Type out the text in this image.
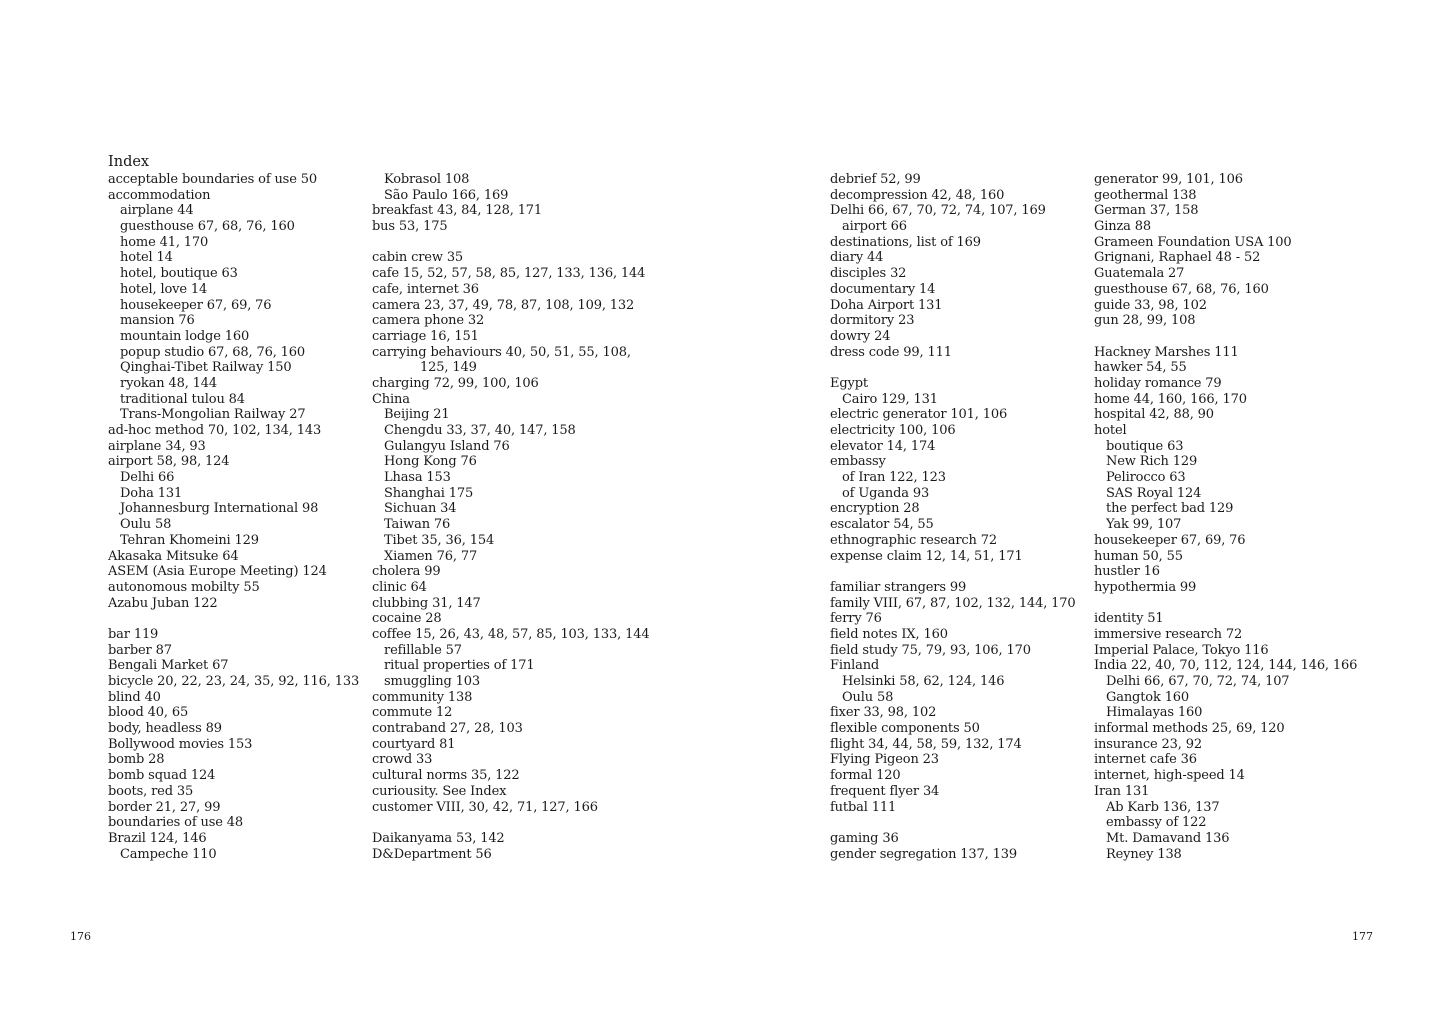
Index
acceptable boundaries of use 50
accommodation
airplane 44
guesthouse 67, 68, 76, 160
home 41, 170
hotel 14
hotel, boutique 63
hotel, love 14
housekeeper 67, 69, 76
mansion 76
mountain lodge 160
popup studio 67, 68, 76, 160
Qinghai-Tibet Railway 150
ryokan 48, 144
traditional tulou 84
Trans-Mongolian Railway 27
ad-hoc method 70, 102, 134, 143
airplane 34, 93
airport 58, 98, 124
Delhi 66
Doha 131
Johannesburg International 98
Oulu 58
Tehran Khomeini 129
Akasaka Mitsuke 64
ASEM (Asia Europe Meeting) 124
autonomous mobilty 55
Azabu Juban 122
bar 119
barber 87
Bengali Market 67
bicycle 20, 22, 23, 24, 35, 92, 116, 133
blind 40
blood 40, 65
body, headless 89
Bollywood movies 153
bomb 28
bomb squad 124
boots, red 35
border 21, 27, 99
boundaries of use 48
Brazil 124, 146
Campeche 110
Kobrasol 108
São Paulo 166, 169
breakfast 43, 84, 128, 171
bus 53, 175
cabin crew 35
cafe 15, 52, 57, 58, 85, 127, 133, 136, 144
cafe, internet 36
camera 23, 37, 49, 78, 87, 108, 109, 132
camera phone 32
carriage 16, 151
carrying behaviours 40, 50, 51, 55, 108,
125, 149
charging 72, 99, 100, 106
China
Beijing 21
Chengdu 33, 37, 40, 147, 158
Gulangyu Island 76
Hong Kong 76
Lhasa 153
Shanghai 175
Sichuan 34
Taiwan 76
Tibet 35, 36, 154
Xiamen 76, 77
cholera 99
clinic 64
clubbing 31, 147
cocaine 28
coffee 15, 26, 43, 48, 57, 85, 103, 133, 144
refillable 57
ritual properties of 171
smuggling 103
community 138
commute 12
contraband 27, 28, 103
courtyard 81
crowd 33
cultural norms 35, 122
curiousity. See Index
customer VIII, 30, 42, 71, 127, 166
Daikanyama 53, 142
D&Department 56
debrief 52, 99
decompression 42, 48, 160
Delhi 66, 67, 70, 72, 74, 107, 169
airport 66
destinations, list of 169
diary 44
disciples 32
documentary 14
Doha Airport 131
dormitory 23
dowry 24
dress code 99, 111
Egypt
Cairo 129, 131
electric generator 101, 106
electricity 100, 106
elevator 14, 174
embassy
of Iran 122, 123
of Uganda 93
encryption 28
escalator 54, 55
ethnographic research 72
expense claim 12, 14, 51, 171
familiar strangers 99
family VIII, 67, 87, 102, 132, 144, 170
ferry 76
field notes IX, 160
field study 75, 79, 93, 106, 170
Finland
Helsinki 58, 62, 124, 146
Oulu 58
fixer 33, 98, 102
flexible components 50
flight 34, 44, 58, 59, 132, 174
Flying Pigeon 23
formal 120
frequent flyer 34
futbal 111
gaming 36
gender segregation 137, 139
generator 99, 101, 106
geothermal 138
German 37, 158
Ginza 88
Grameen Foundation USA 100
Grignani, Raphael 48 - 52
Guatemala 27
guesthouse 67, 68, 76, 160
guide 33, 98, 102
gun 28, 99, 108
Hackney Marshes 111
hawker 54, 55
holiday romance 79
home 44, 160, 166, 170
hospital 42, 88, 90
hotel
boutique 63
New Rich 129
Pelirocco 63
SAS Royal 124
the perfect bad 129
Yak 99, 107
housekeeper 67, 69, 76
human 50, 55
hustler 16
hypothermia 99
identity 51
immersive research 72
Imperial Palace, Tokyo 116
India 22, 40, 70, 112, 124, 144, 146, 166
Delhi 66, 67, 70, 72, 74, 107
Gangtok 160
Himalayas 160
informal methods 25, 69, 120
insurance 23, 92
internet cafe 36
internet, high-speed 14
Iran 131
Ab Karb 136, 137
embassy of 122
Mt. Damavand 136
Reyney 138
176	177
